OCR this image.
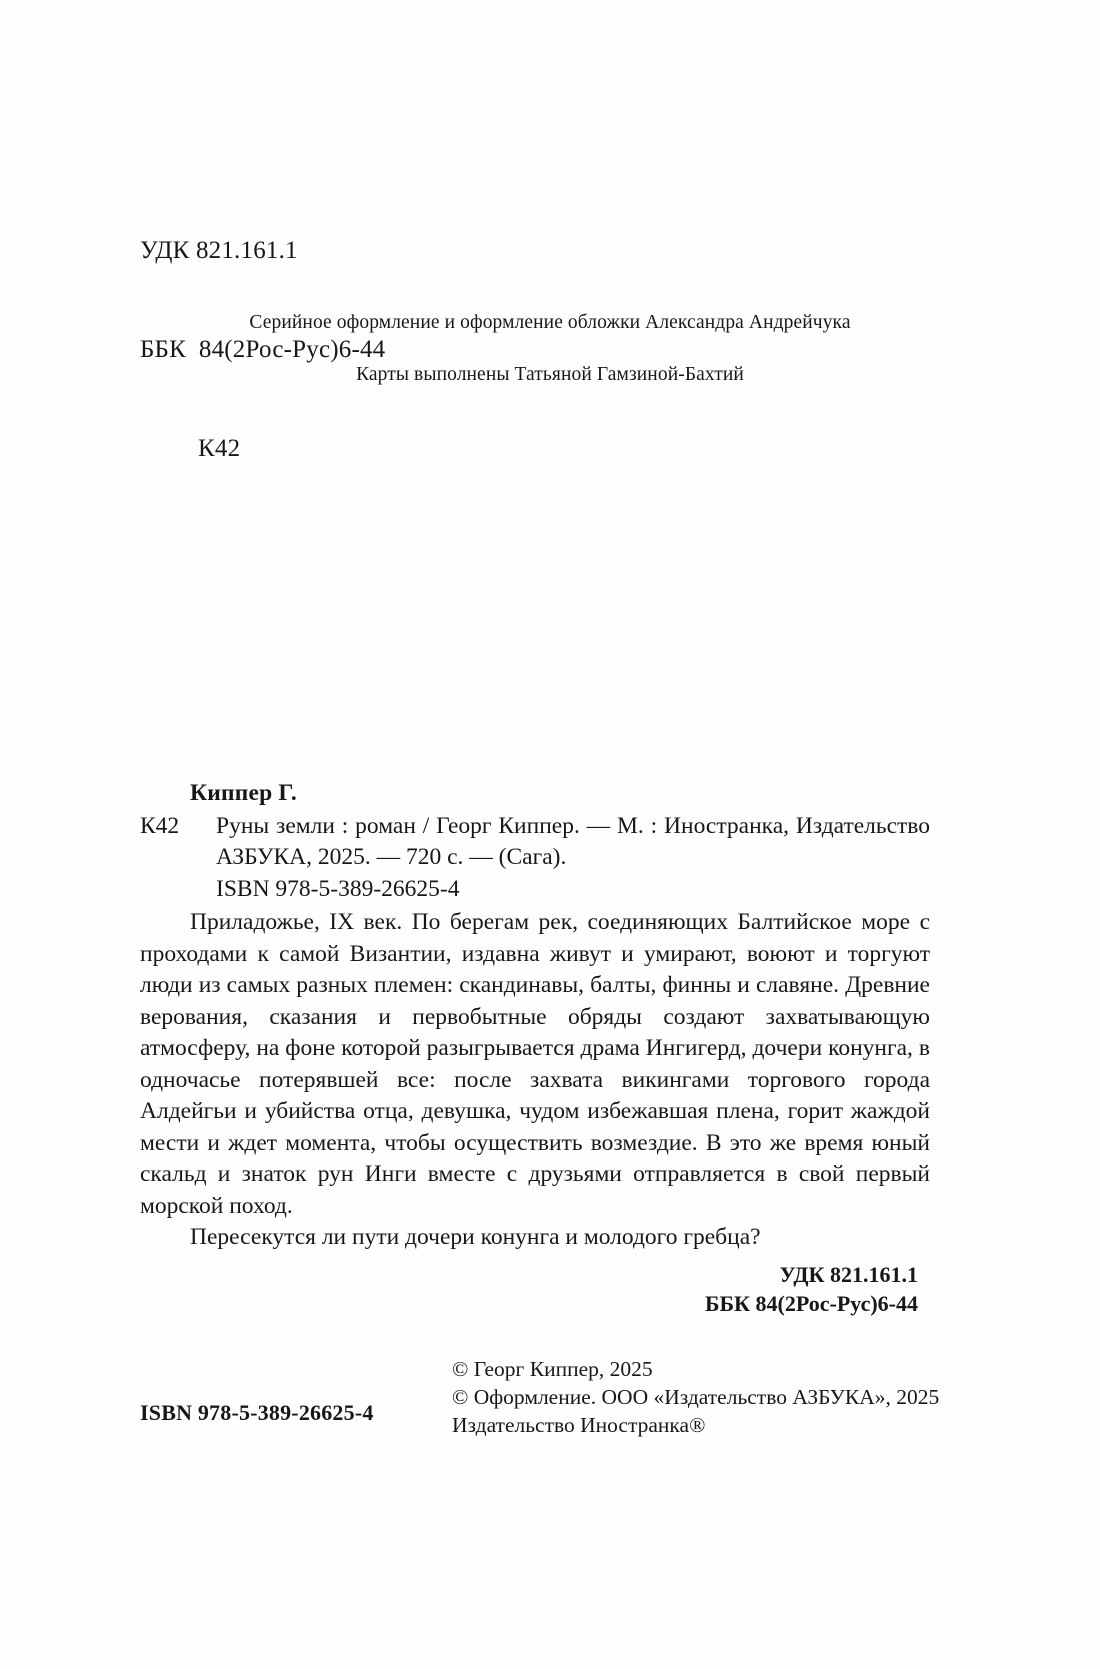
УДК 821.161.1

ББК  84(2Рос-Рус)6-44

К42

Серийное оформление и оформление обложки Александра Андрейчука
Карты выполнены Татьяной Гамзиной-Бахтий
Киппер Г.
К42	Руны земли : роман / Георг Киппер. — М. : Иностранка, Издательство АЗБУКА, 2025. — 720 с. — (Сага).
ISBN 978-5-389-26625-4
Приладожье, IX век. По берегам рек, соединяющих Балтийское море с проходами к самой Византии, издавна живут и умирают, воюют и торгуют люди из самых разных племен: скандинавы, балты, финны и славяне. Древние верования, сказания и первобытные обряды создают захватывающую атмосферу, на фоне которой разыгрывается драма Ингигерд, дочери конунга, в одночасье потерявшей все: после захвата викингами торгового города Алдейгьи и убийства отца, девушка, чудом избежавшая плена, горит жаждой мести и ждет момента, чтобы осуществить возмездие. В это же время юный скальд и знаток рун Инги вместе с друзьями отправляется в свой первый морской поход.
Пересекутся ли пути дочери конунга и молодого гребца?
УДК 821.161.1
ББК 84(2Рос-Рус)6-44
© Георг Киппер, 2025
© Оформление. ООО «Издательство АЗБУКА», 2025
Издательство Иностранка®
ISBN 978-5-389-26625-4
